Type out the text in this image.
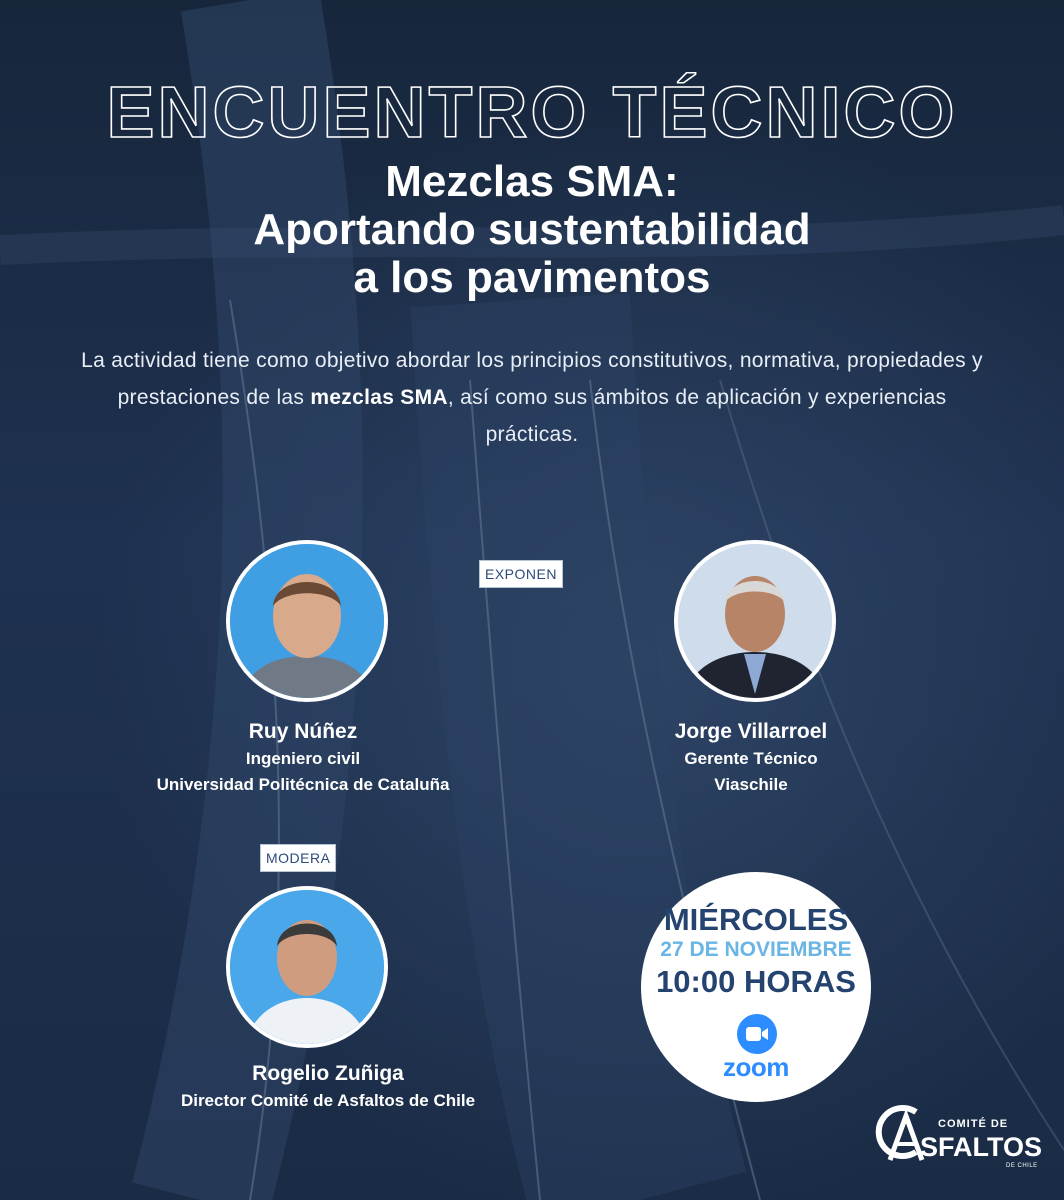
ENCUENTRO TÉCNICO
Mezclas SMA:
Aportando sustentabilidad
a los pavimentos
La actividad tiene como objetivo abordar los principios constitutivos, normativa, propiedades y prestaciones de las mezclas SMA, así como sus ámbitos de aplicación y experiencias prácticas.
EXPONEN
Ruy Núñez
Ingeniero civil
Universidad Politécnica de Cataluña
Jorge Villarroel
Gerente Técnico
Viaschile
MODERA
Rogelio Zuñiga
Director Comité de Asfaltos de Chile
MIÉRCOLES
27 DE NOVIEMBRE
10:00 HORAS
zoom
COMITÉ DE
SFALTOS
DE CHILE
